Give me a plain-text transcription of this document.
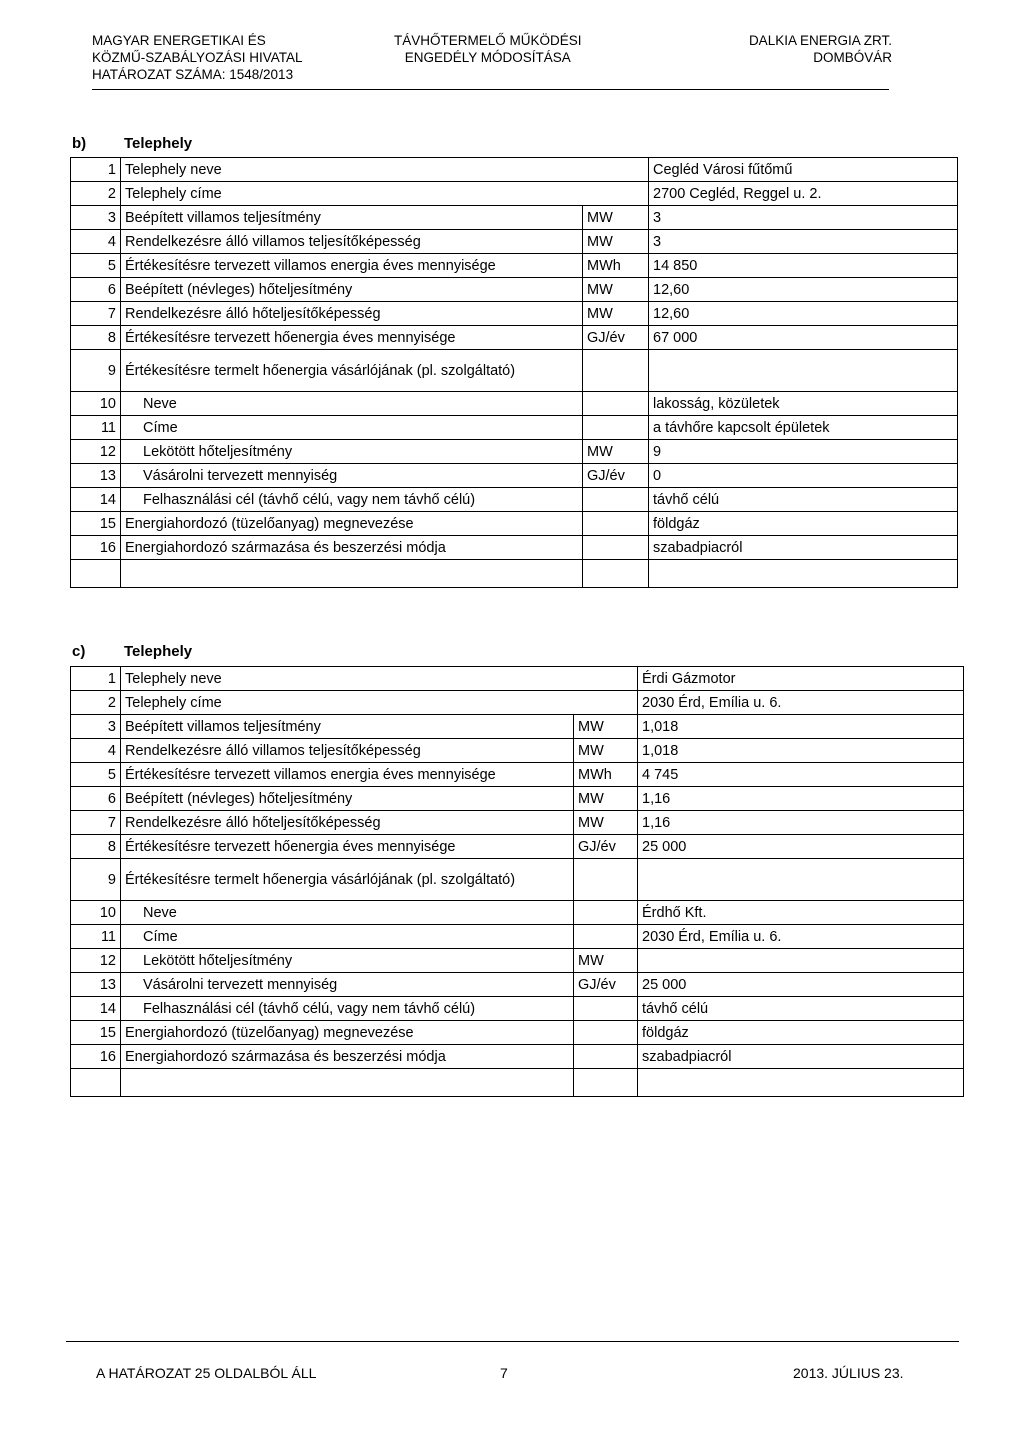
MAGYAR ENERGETIKAI ÉS
KÖZMŰ-SZABÁLYOZÁSI HIVATAL
HATÁROZAT SZÁMA: 1548/2013
TÁVHŐTERMELŐ MŰKÖDÉSI
ENGEDÉLY MÓDOSÍTÁSA
DALKIA ENERGIA ZRT.
DOMBÓVÁR
b)	Telephely
1	Telephely neve		Cegléd Városi fűtőmű
2	Telephely címe		2700 Cegléd, Reggel u. 2.
3	Beépített villamos teljesítmény	MW	3
4	Rendelkezésre álló villamos teljesítőképesség	MW	3
5	Értékesítésre tervezett villamos energia éves mennyisége	MWh	14 850
6	Beépített (névleges) hőteljesítmény	MW	12,60
7	Rendelkezésre álló hőteljesítőképesség	MW	12,60
8	Értékesítésre tervezett hőenergia éves mennyisége	GJ/év	67 000
9	Értékesítésre termelt hőenergia vásárlójának (pl. szolgáltató)		
10	Neve		lakosság, közületek
11	Címe		a távhőre kapcsolt épületek
12	Lekötött hőteljesítmény	MW	9
13	Vásárolni tervezett mennyiség	GJ/év	0
14	Felhasználási cél (távhő célú, vagy nem távhő célú)		távhő célú
15	Energiahordozó (tüzelőanyag) megnevezése		földgáz
16	Energiahordozó származása és beszerzési módja		szabadpiacról

c)	Telephely
1	Telephely neve		Érdi Gázmotor
2	Telephely címe		2030 Érd, Emília u. 6.
3	Beépített villamos teljesítmény	MW	1,018
4	Rendelkezésre álló villamos teljesítőképesség	MW	1,018
5	Értékesítésre tervezett villamos energia éves mennyisége	MWh	4 745
6	Beépített (névleges) hőteljesítmény	MW	1,16
7	Rendelkezésre álló hőteljesítőképesség	MW	1,16
8	Értékesítésre tervezett hőenergia éves mennyisége	GJ/év	25 000
9	Értékesítésre termelt hőenergia vásárlójának (pl. szolgáltató)		
10	Neve		Érdhő Kft.
11	Címe		2030 Érd, Emília u. 6.
12	Lekötött hőteljesítmény	MW	
13	Vásárolni tervezett mennyiség	GJ/év	25 000
14	Felhasználási cél (távhő célú, vagy nem távhő célú)		távhő célú
15	Energiahordozó (tüzelőanyag) megnevezése		földgáz
16	Energiahordozó származása és beszerzési módja		szabadpiacról

A HATÁROZAT 25 OLDALBÓL ÁLL	7	2013. JÚLIUS 23.
